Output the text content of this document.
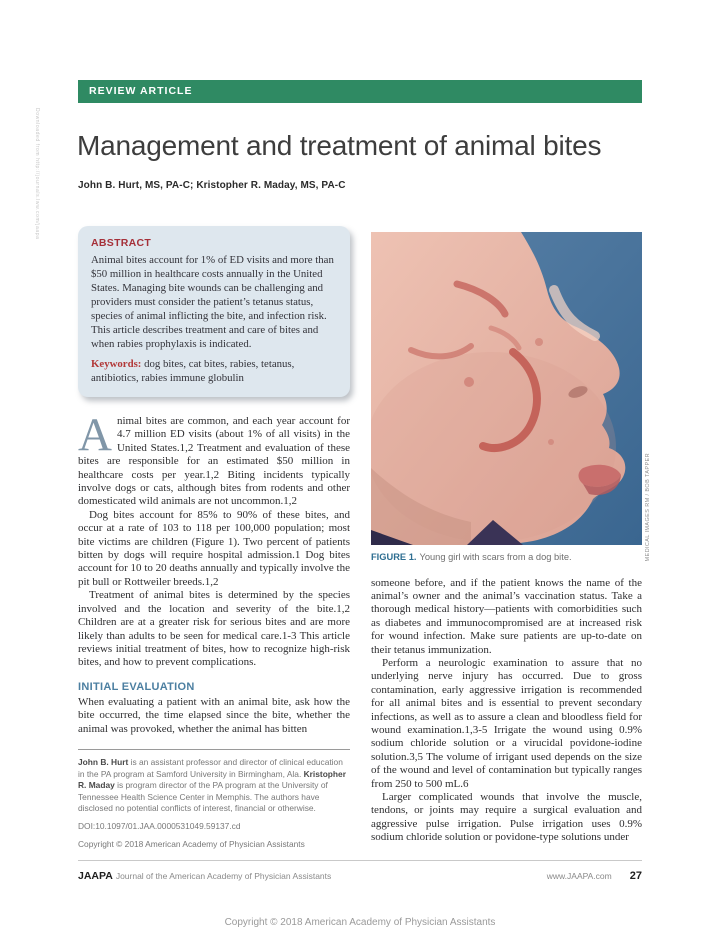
Downloaded from http://journals.lww.com/jaapa
REVIEW ARTICLE
Management and treatment of animal bites
John B. Hurt, MS, PA-C; Kristopher R. Maday, MS, PA-C
ABSTRACT

Animal bites account for 1% of ED visits and more than $50 million in healthcare costs annually in the United States. Managing bite wounds can be challenging and providers must consider the patient’s tetanus status, species of animal inflicting the bite, and infection risk. This article describes treatment and care of bites and when rabies prophylaxis is indicated.

Keywords: dog bites, cat bites, rabies, tetanus, antibiotics, rabies immune globulin

Animal bites are common, and each year account for 4.7 million ED visits (about 1% of all visits) in the United States.1,2 Treatment and evaluation of these bites are responsible for an estimated $50 million in healthcare costs per year.1,2 Biting incidents typically involve dogs or cats, although bites from rodents and other domesticated wild animals are not uncommon.1,2

Dog bites account for 85% to 90% of these bites, and occur at a rate of 103 to 118 per 100,000 population; most bite victims are children (Figure 1). Two percent of patients bitten by dogs will require hospital admission.1 Dog bites account for 10 to 20 deaths annually and typically involve the pit bull or Rottweiler breeds.1,2

Treatment of animal bites is determined by the species involved and the location and severity of the bite.1,2 Children are at a greater risk for serious bites and are more likely than adults to be seen for medical care.1-3 This article reviews initial treatment of bites, how to recognize high-risk bites, and how to prevent complications.

INITIAL EVALUATION

When evaluating a patient with an animal bite, ask how the bite occurred, the time elapsed since the bite, whether the animal was provoked, whether the animal has bitten

John B. Hurt is an assistant professor and director of clinical education in the PA program at Samford University in Birmingham, Ala. Kristopher R. Maday is program director of the PA program at the University of Tennessee Health Science Center in Memphis. The authors have disclosed no potential conflicts of interest, financial or otherwise.

DOI:10.1097/01.JAA.0000531049.59137.cd

Copyright © 2018 American Academy of Physician Assistants

MEDICAL IMAGES RM / BOB TAPPER
FIGURE 1. Young girl with scars from a dog bite.

someone before, and if the patient knows the name of the animal’s owner and the animal’s vaccination status. Take a thorough medical history—patients with comorbidities such as diabetes and immunocompromised are at increased risk for wound infection. Make sure patients are up-to-date on their tetanus immunization.

Perform a neurologic examination to assure that no underlying nerve injury has occurred. Due to gross contamination, early aggressive irrigation is recommended for all animal bites and is essential to prevent secondary infections, as well as to assure a clean and bloodless field for wound examination.1,3-5 Irrigate the wound using 0.9% sodium chloride solution or a virucidal povidone-iodine solution.3,5 The volume of irrigant used depends on the size of the wound and level of contamination but typically ranges from 250 to 500 mL.6

Larger complicated wounds that involve the muscle, tendons, or joints may require a surgical evaluation and aggressive pulse irrigation. Pulse irrigation uses 0.9% sodium chloride solution or povidone-type solutions under

JAAPA Journal of the American Academy of Physician Assistants	www.JAAPA.com 27
Copyright © 2018 American Academy of Physician Assistants
